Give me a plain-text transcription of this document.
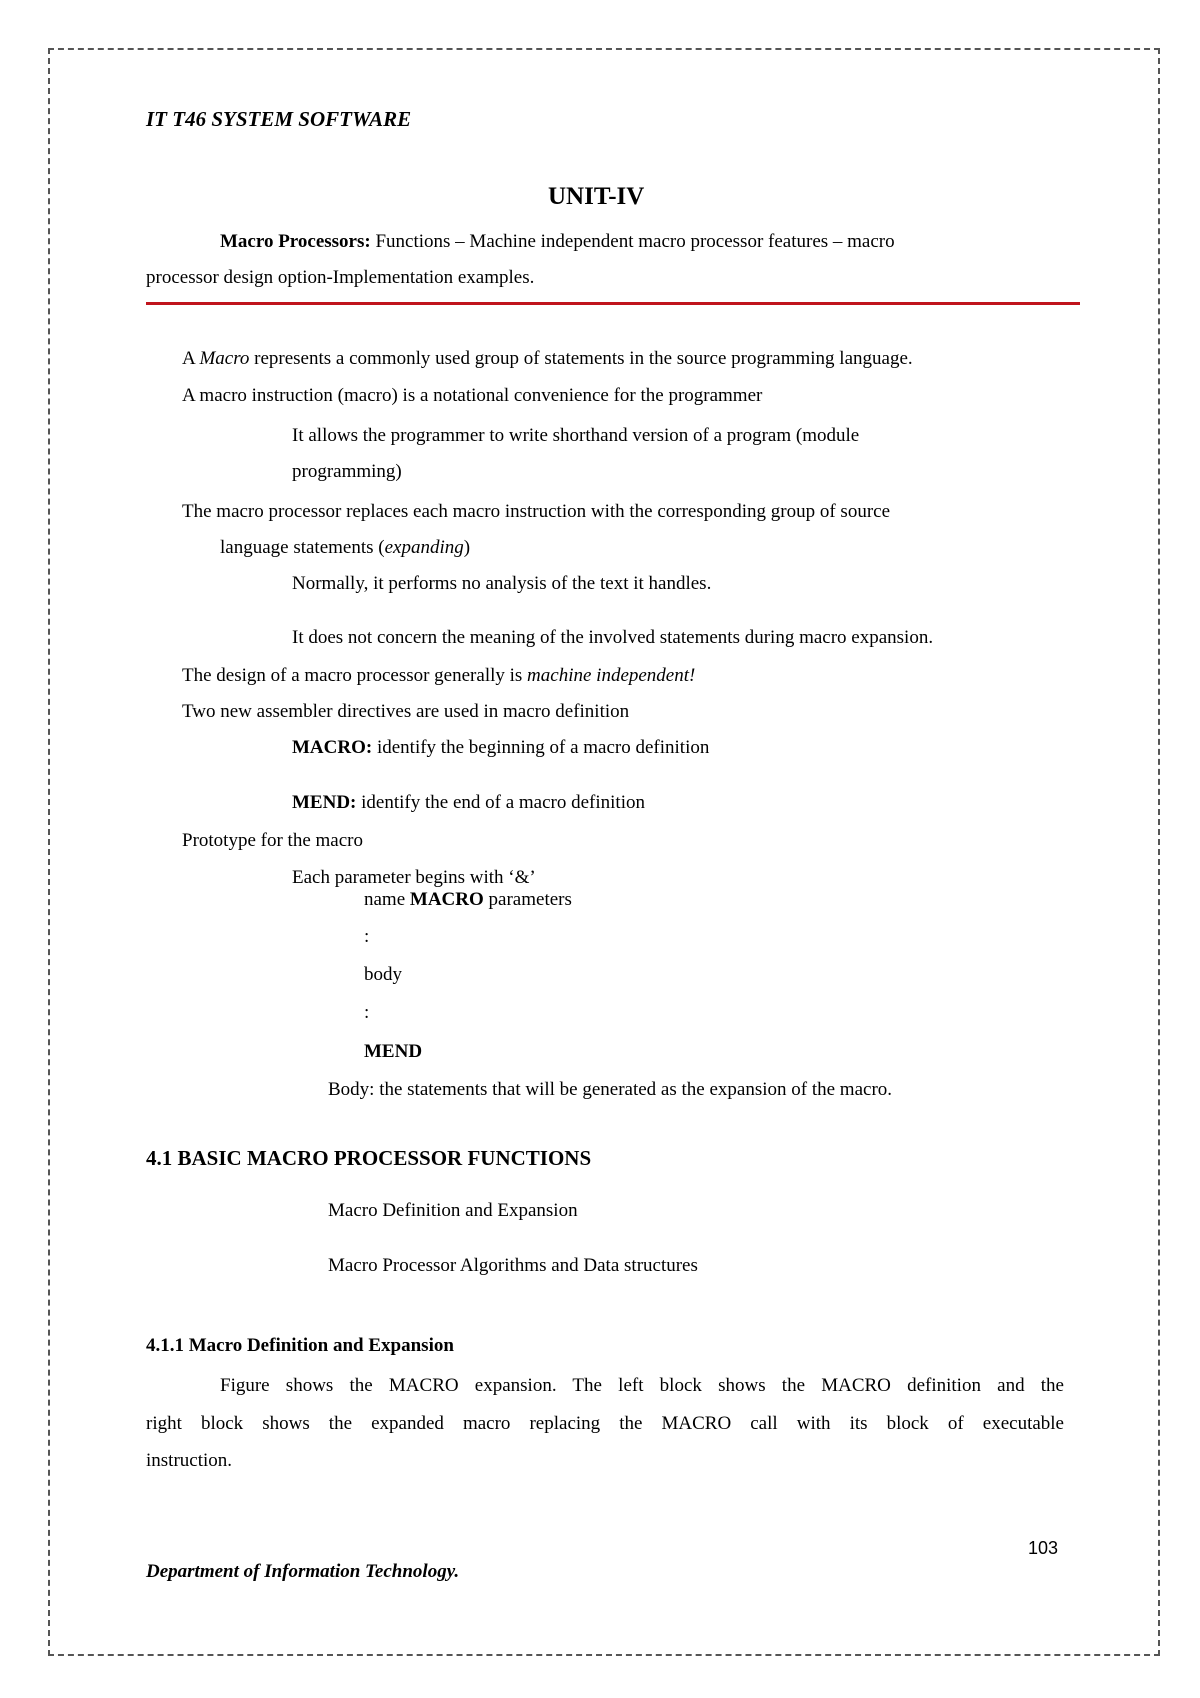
IT T46 SYSTEM SOFTWARE
UNIT-IV
Macro Processors: Functions – Machine independent macro processor features – macro
processor design option-Implementation examples.
A Macro represents a commonly used group of statements in the source programming language.
A macro instruction (macro) is a notational convenience for the programmer
It allows the programmer to write shorthand version of a program (module
programming)
The macro processor replaces each macro instruction with the corresponding group of source
language statements (expanding)
Normally, it performs no analysis of the text it handles.
It does not concern the meaning of the involved statements during macro expansion.
The design of a macro processor generally is machine independent!
Two new assembler directives are used in macro definition
MACRO: identify the beginning of a macro definition
MEND: identify the end of a macro definition
Prototype for the macro
Each parameter begins with ‘&’
name MACRO parameters
:
body
:
MEND
Body: the statements that will be generated as the expansion of the macro.
4.1 BASIC MACRO PROCESSOR FUNCTIONS
Macro Definition and Expansion
Macro Processor Algorithms and Data structures
4.1.1 Macro Definition and Expansion
Figure shows the MACRO expansion. The left block shows the MACRO definition and the
right block shows the expanded macro replacing the MACRO call with its block of executable
instruction.
103
Department of Information Technology.
